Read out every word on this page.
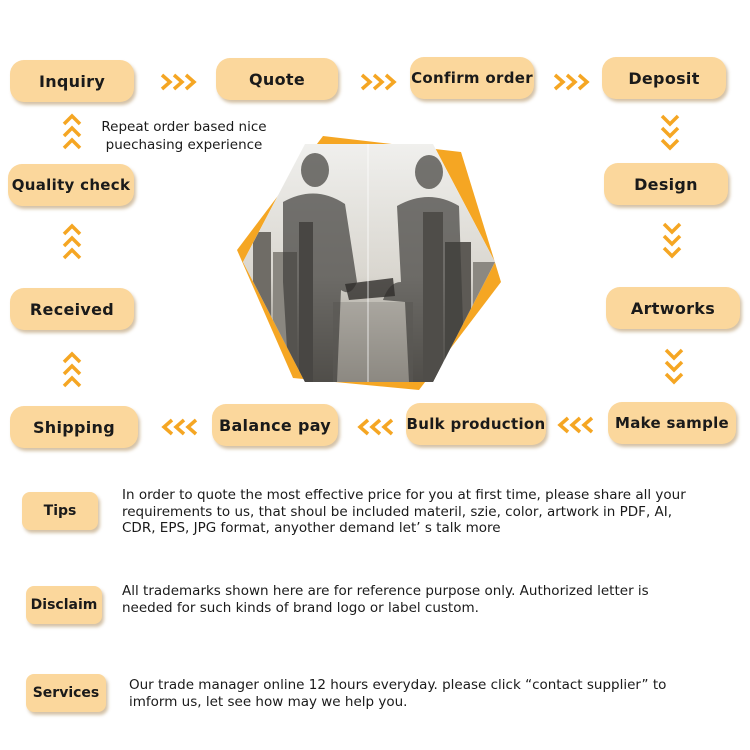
Inquiry	Quote	Confirm order	Deposit
Repeat order based nice
puechasing experience
Design
Artworks
Make sample
Bulk production
Balance pay
Shipping
Received
Quality check
Tips
In order to quote the most effective price for you at first time, please share all your requirements to us, that shoul be included materil, szie, color, artwork in PDF, AI, CDR, EPS, JPG format, anyother demand let’ s talk more
Disclaim
All trademarks shown here are for reference purpose only. Authorized letter is needed for such kinds of brand logo or label custom.
Services Our trade manager online 12 hours everyday. please click “contact supplier” to imform us, let see how may we help you.
